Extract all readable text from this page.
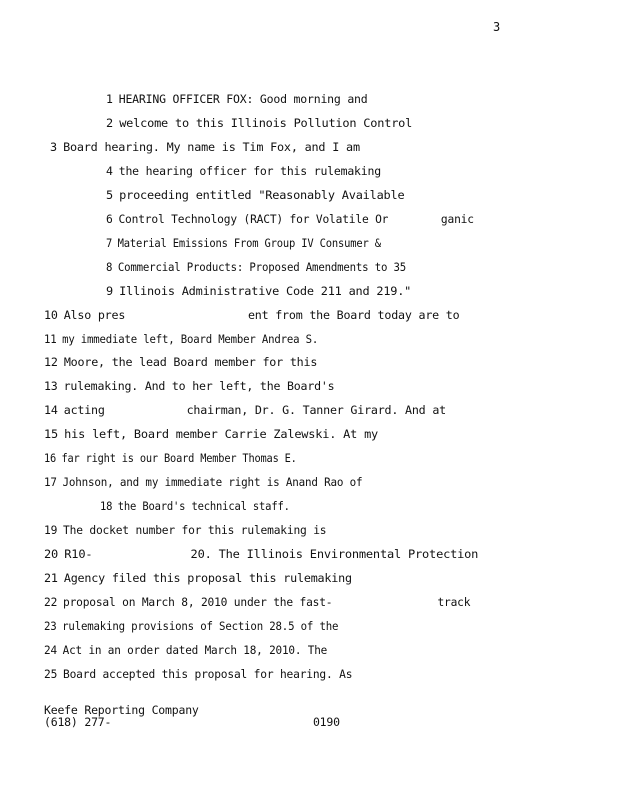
3
1 HEARING OFFICER FOX: Good morning and
2 welcome to this Illinois Pollution Control
3 Board hearing. My name is Tim Fox, and I am
4 the hearing officer for this rulemaking
5 proceeding entitled "Reasonably Available
6 Control Technology (RACT) for Volatile Or        ganic
7 Material Emissions From Group IV Consumer &
8 Commercial Products: Proposed Amendments to 35
9 Illinois Administrative Code 211 and 219."
10 Also pres                  ent from the Board today are to
11 my immediate left, Board Member Andrea S.
12 Moore, the lead Board member for this
13 rulemaking. And to her left, the Board's
14 acting            chairman, Dr. G. Tanner Girard. And at
15 his left, Board member Carrie Zalewski. At my
16 far right is our Board Member Thomas E.
17 Johnson, and my immediate right is Anand Rao of
18 the Board's technical staff.
19 The docket number for this rulemaking is
20 R10-              20. The Illinois Environmental Protection
21 Agency filed this proposal this rulemaking
22 proposal on March 8, 2010 under the fast-                track
23 rulemaking provisions of Section 28.5 of the
24 Act in an order dated March 18, 2010. The
25 Board accepted this proposal for hearing. As
Keefe Reporting Company
(618) 277-                              0190
